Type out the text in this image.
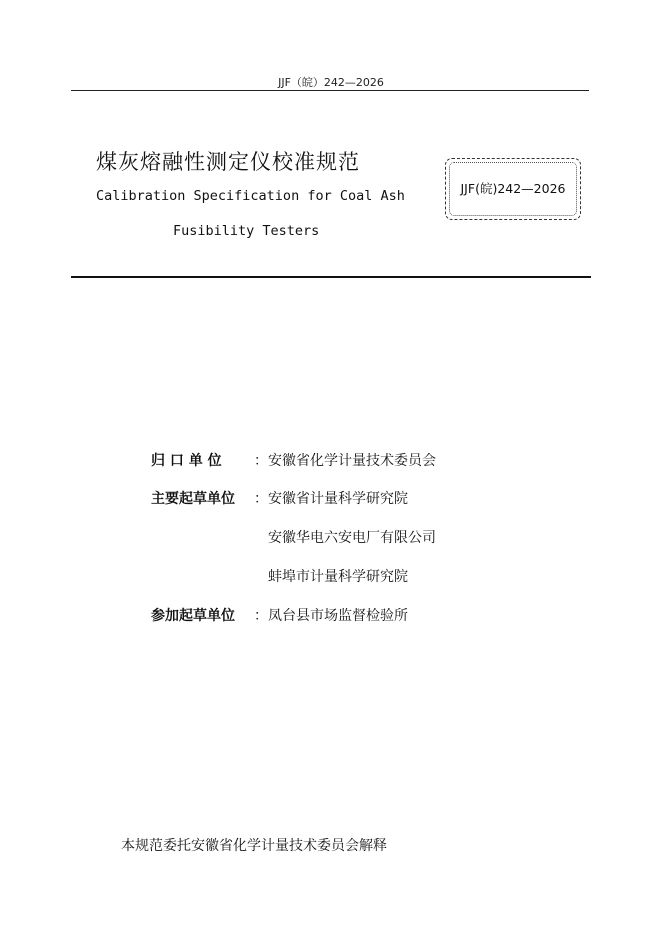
JJF（皖）242—2026
煤灰熔融性测定仪校准规范
Calibration Specification for Coal Ash
Fusibility Testers
JJF(皖)242—2026
归 口 单 位 ： 安徽省化学计量技术委员会
主要起草单位 ： 安徽省计量科学研究院
安徽华电六安电厂有限公司
蚌埠市计量科学研究院
参加起草单位 ： 凤台县市场监督检验所
本规范委托安徽省化学计量技术委员会解释
